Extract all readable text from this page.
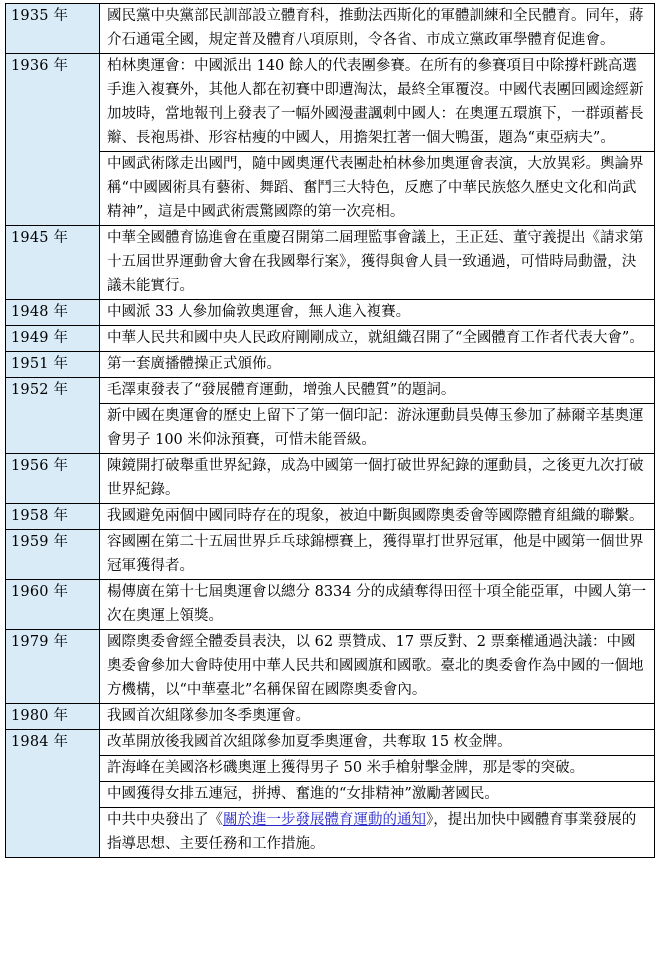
1935 年	國民黨中央黨部民訓部設立體育科，推動法西斯化的軍體訓練和全民體育。同年，蔣介石通電全國，規定普及體育八項原則，令各省、市成立黨政軍學體育促進會。
1936 年	柏林奧運會：中國派出 140 餘人的代表團參賽。在所有的參賽項目中除撐杆跳高選手進入複賽外，其他人都在初賽中即遭淘汰，最終全軍覆沒。中國代表團回國途經新加坡時，當地報刊上發表了一幅外國漫畫諷刺中國人：在奧運五環旗下，一群頭蓄長辮、長袍馬褂、形容枯瘦的中國人，用擔架扛著一個大鴨蛋，題為“東亞病夫”。
	中國武術隊走出國門，隨中國奧運代表團赴柏林參加奧運會表演，大放異彩。輿論界稱“中國國術具有藝術、舞蹈、奮鬥三大特色，反應了中華民族悠久歷史文化和尚武精神”，這是中國武術震驚國際的第一次亮相。
1945 年	中華全國體育協進會在重慶召開第二屆理監事會議上，王正廷、董守義提出《請求第十五屆世界運動會大會在我國舉行案》，獲得與會人員一致通過，可惜時局動盪，決議未能實行。
1948 年	中國派 33 人參加倫敦奧運會，無人進入複賽。
1949 年	中華人民共和國中央人民政府剛剛成立，就組織召開了“全國體育工作者代表大會”。
1951 年	第一套廣播體操正式頒佈。
1952 年	毛澤東發表了“發展體育運動，增強人民體質”的題詞。
	新中國在奧運會的歷史上留下了第一個印記：游泳運動員吳傳玉參加了赫爾辛基奧運會男子 100 米仰泳預賽，可惜未能晉級。
1956 年	陳鏡開打破舉重世界紀錄，成為中國第一個打破世界紀錄的運動員，之後更九次打破世界紀錄。
1958 年	我國避免兩個中國同時存在的現象，被迫中斷與國際奧委會等國際體育組織的聯繫。
1959 年	容國團在第二十五屆世界乒乓球錦標賽上，獲得單打世界冠軍，他是中國第一個世界冠軍獲得者。
1960 年	楊傳廣在第十七屆奧運會以總分 8334 分的成績奪得田徑十項全能亞軍，中國人第一次在奧運上領獎。
1979 年	國際奧委會經全體委員表決，以 62 票贊成、17 票反對、2 票棄權通過決議：中國奧委會參加大會時使用中華人民共和國國旗和國歌。臺北的奧委會作為中國的一個地方機構，以“中華臺北”名稱保留在國際奧委會內。
1980 年	我國首次組隊參加冬季奧運會。
1984 年	改革開放後我國首次組隊參加夏季奧運會，共奪取 15 枚金牌。
	許海峰在美國洛杉磯奧運上獲得男子 50 米手槍射擊金牌，那是零的突破。
	中國獲得女排五連冠，拼搏、奮進的“女排精神”激勵著國民。
	中共中央發出了《關於進一步發展體育運動的通知》，提出加快中國體育事業發展的指導思想、主要任務和工作措施。
